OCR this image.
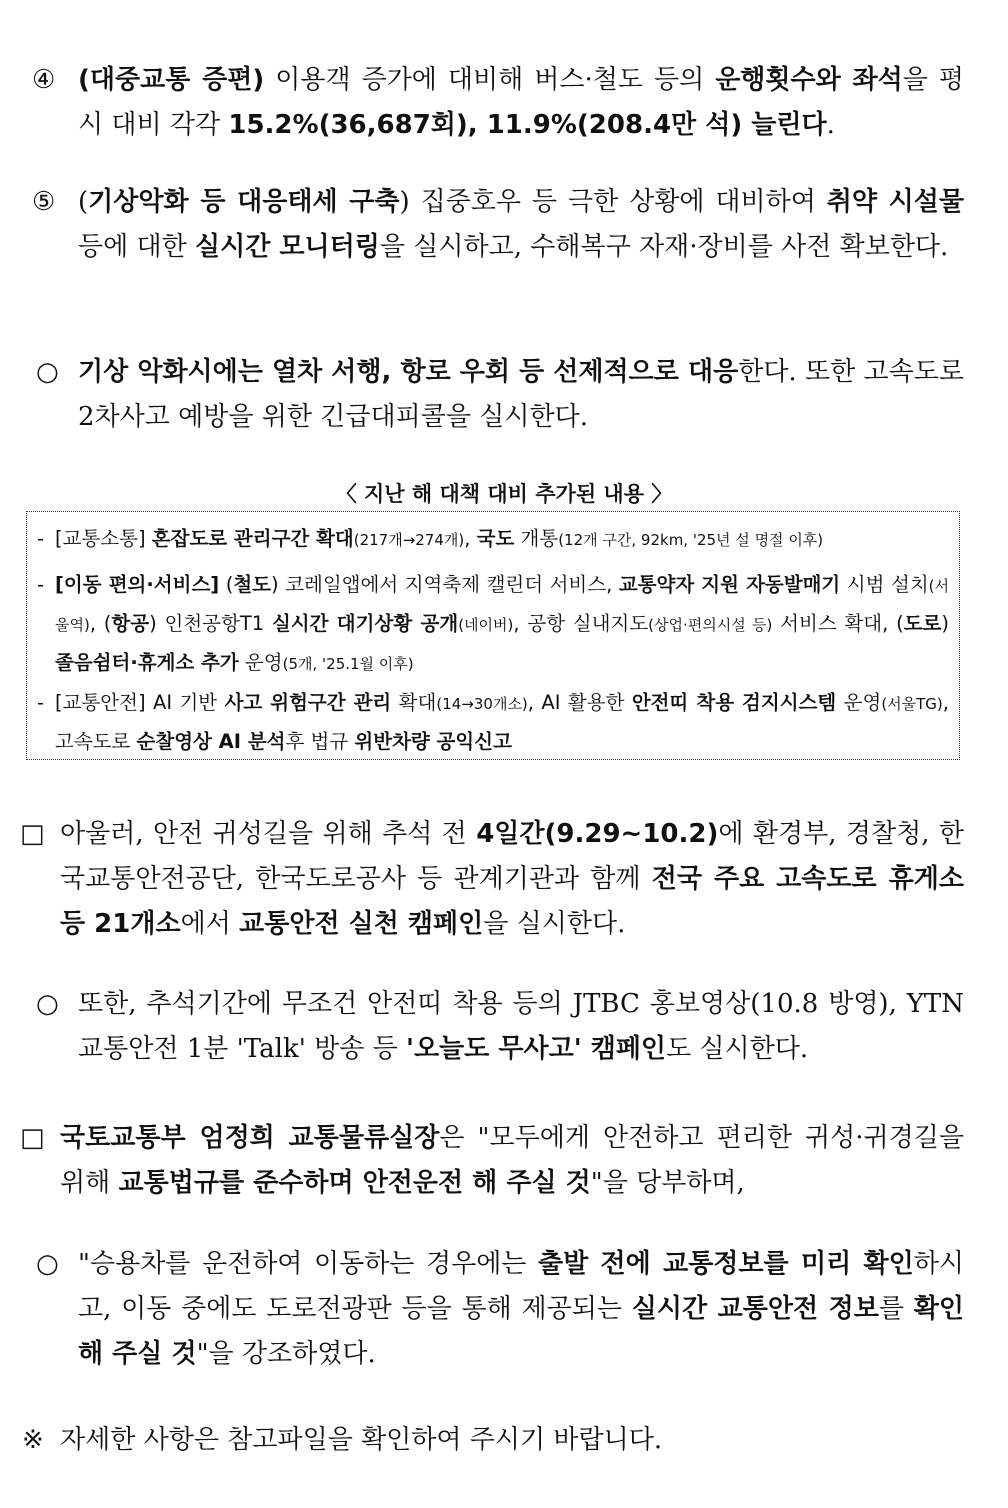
④ (대중교통 증편) 이용객 증가에 대비해 버스·철도 등의 운행횟수와 좌석을 평시 대비 각각 15.2%(36,687회), 11.9%(208.4만 석) 늘린다.
⑤ (기상악화 등 대응태세 구축) 집중호우 등 극한 상황에 대비하여 취약 시설물 등에 대한 실시간 모니터링을 실시하고, 수해복구 자재·장비를 사전 확보한다.
○ 기상 악화시에는 열차 서행, 항로 우회 등 선제적으로 대응한다. 또한 고속도로 2차사고 예방을 위한 긴급대피콜을 실시한다.
〈 지난 해 대책 대비 추가된 내용 〉
- [교통소통] 혼잡도로 관리구간 확대(217개→274개), 국도 개통(12개 구간, 92km, '25년 설 명절 이후)
- [이동 편의·서비스] (철도) 코레일앱에서 지역축제 캘린더 서비스, 교통약자 지원 자동발매기 시범 설치(서울역), (항공) 인천공항T1 실시간 대기상황 공개(네이버), 공항 실내지도(상업·편의시설 등) 서비스 확대, (도로) 졸음쉼터·휴게소 추가 운영(5개, '25.1월 이후)
- [교통안전] AI 기반 사고 위험구간 관리 확대(14→30개소), AI 활용한 안전띠 착용 검지시스템 운영(서울TG), 고속도로 순찰영상 AI 분석후 법규 위반차량 공익신고
□ 아울러, 안전 귀성길을 위해 추석 전 4일간(9.29~10.2)에 환경부, 경찰청, 한국교통안전공단, 한국도로공사 등 관계기관과 함께 전국 주요 고속도로 휴게소 등 21개소에서 교통안전 실천 캠페인을 실시한다.
○ 또한, 추석기간에 무조건 안전띠 착용 등의 JTBC 홍보영상(10.8 방영), YTN 교통안전 1분 'Talk' 방송 등 '오늘도 무사고' 캠페인도 실시한다.
□ 국토교통부 엄정희 교통물류실장은 "모두에게 안전하고 편리한 귀성·귀경길을 위해 교통법규를 준수하며 안전운전 해 주실 것"을 당부하며,
○ "승용차를 운전하여 이동하는 경우에는 출발 전에 교통정보를 미리 확인하시고, 이동 중에도 도로전광판 등을 통해 제공되는 실시간 교통안전 정보를 확인해 주실 것"을 강조하였다.
※ 자세한 사항은 참고파일을 확인하여 주시기 바랍니다.
